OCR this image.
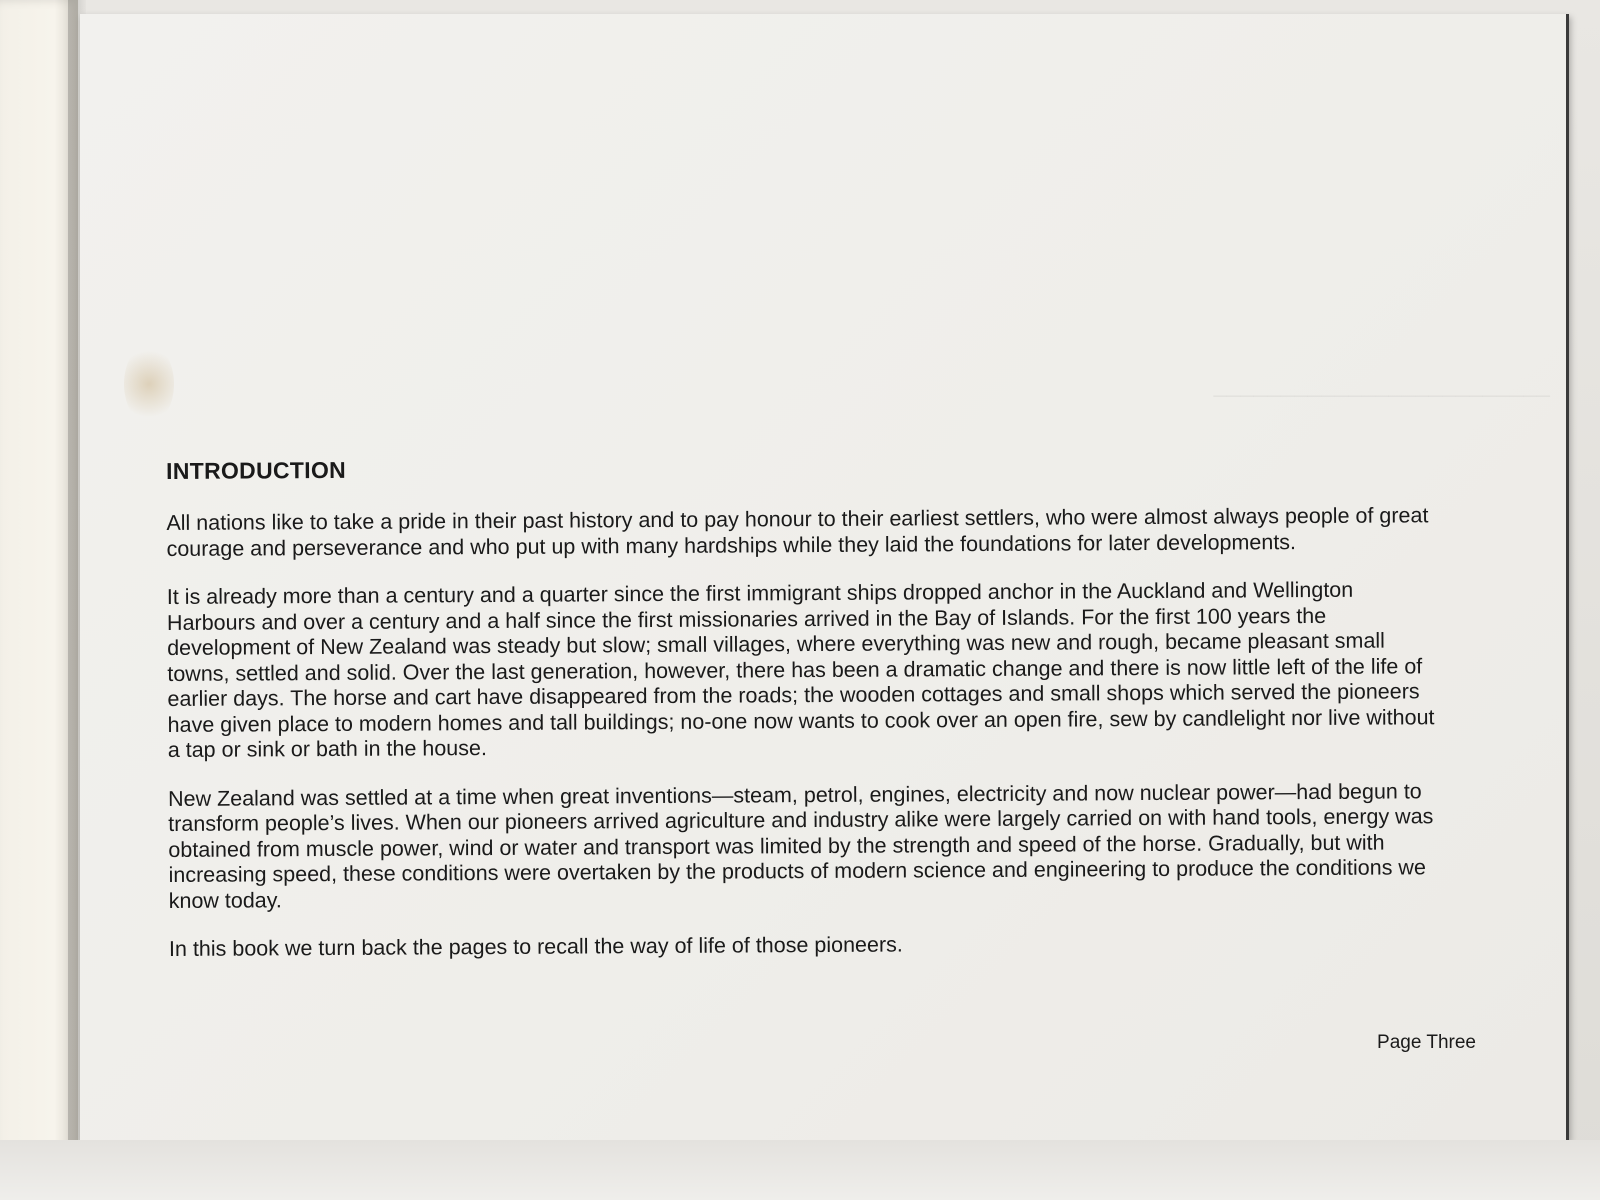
─────────────────────────
INTRODUCTION

All nations like to take a pride in their past history and to pay honour to their earliest settlers, who were almost always people of great courage and perseverance and who put up with many hardships while they laid the foundations for later developments.

It is already more than a century and a quarter since the first immigrant ships dropped anchor in the Auckland and Wellington Harbours and over a century and a half since the first missionaries arrived in the Bay of Islands. For the first 100 years the development of New Zealand was steady but slow; small villages, where everything was new and rough, became pleasant small towns, settled and solid. Over the last generation, however, there has been a dramatic change and there is now little left of the life of earlier days. The horse and cart have disappeared from the roads; the wooden cottages and small shops which served the pioneers have given place to modern homes and tall buildings; no-one now wants to cook over an open fire, sew by candlelight nor live without a tap or sink or bath in the house.

New Zealand was settled at a time when great inventions—steam, petrol, engines, electricity and now nuclear power—had begun to transform people’s lives. When our pioneers arrived agriculture and industry alike were largely carried on with hand tools, energy was obtained from muscle power, wind or water and transport was limited by the strength and speed of the horse. Gradually, but with increasing speed, these conditions were overtaken by the products of modern science and engineering to produce the conditions we know today.

In this book we turn back the pages to recall the way of life of those pioneers.

Page Three
